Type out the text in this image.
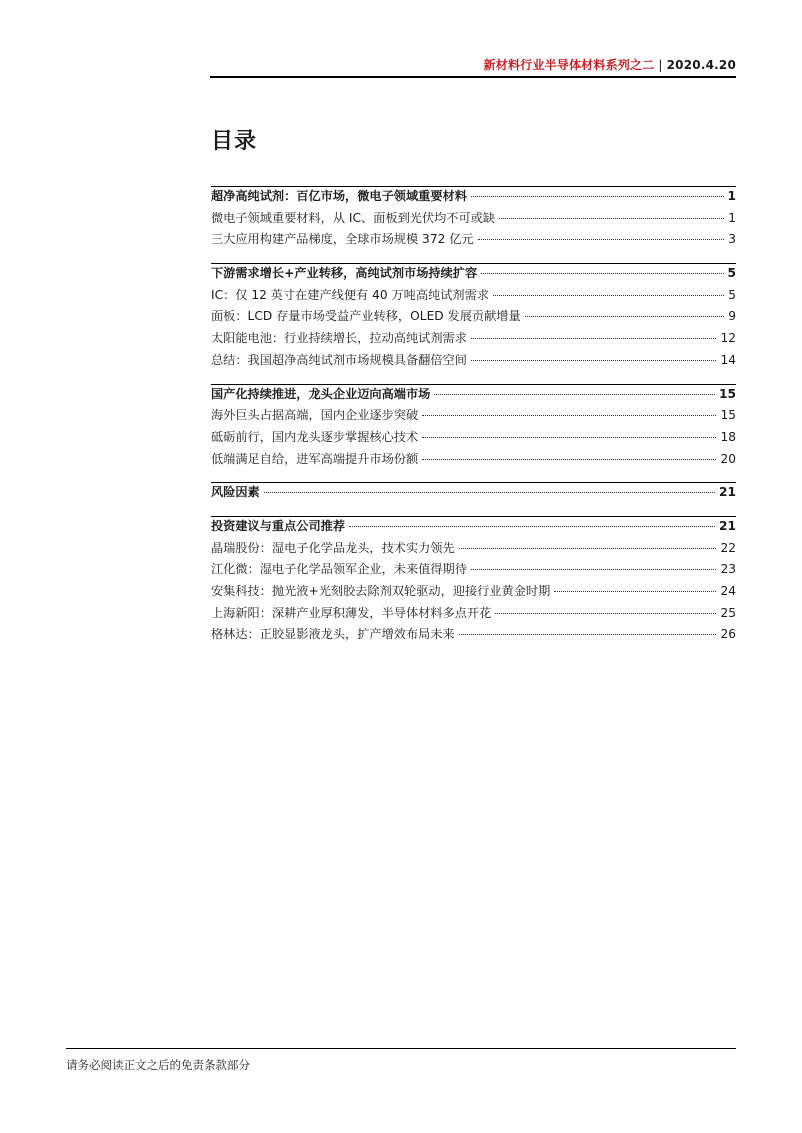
新材料行业半导体材料系列之二 | 2020.4.20
目录
超净高纯试剂：百亿市场，微电子领域重要材料	1
微电子领域重要材料，从 IC、面板到光伏均不可或缺	1
三大应用构建产品梯度，全球市场规模 372 亿元	3
下游需求增长+产业转移，高纯试剂市场持续扩容	5
IC：仅 12 英寸在建产线便有 40 万吨高纯试剂需求	5
面板：LCD 存量市场受益产业转移，OLED 发展贡献增量	9
太阳能电池：行业持续增长，拉动高纯试剂需求	12
总结：我国超净高纯试剂市场规模具备翻倍空间	14
国产化持续推进，龙头企业迈向高端市场	15
海外巨头占据高端，国内企业逐步突破	15
砥砺前行，国内龙头逐步掌握核心技术	18
低端满足自给，进军高端提升市场份额	20
风险因素	21
投资建议与重点公司推荐	21
晶瑞股份：湿电子化学品龙头，技术实力领先	22
江化微：湿电子化学品领军企业，未来值得期待	23
安集科技：抛光液+光刻胶去除剂双轮驱动，迎接行业黄金时期	24
上海新阳：深耕产业厚积薄发，半导体材料多点开花	25
格林达：正胶显影液龙头，扩产增效布局未来	26
请务必阅读正文之后的免责条款部分
